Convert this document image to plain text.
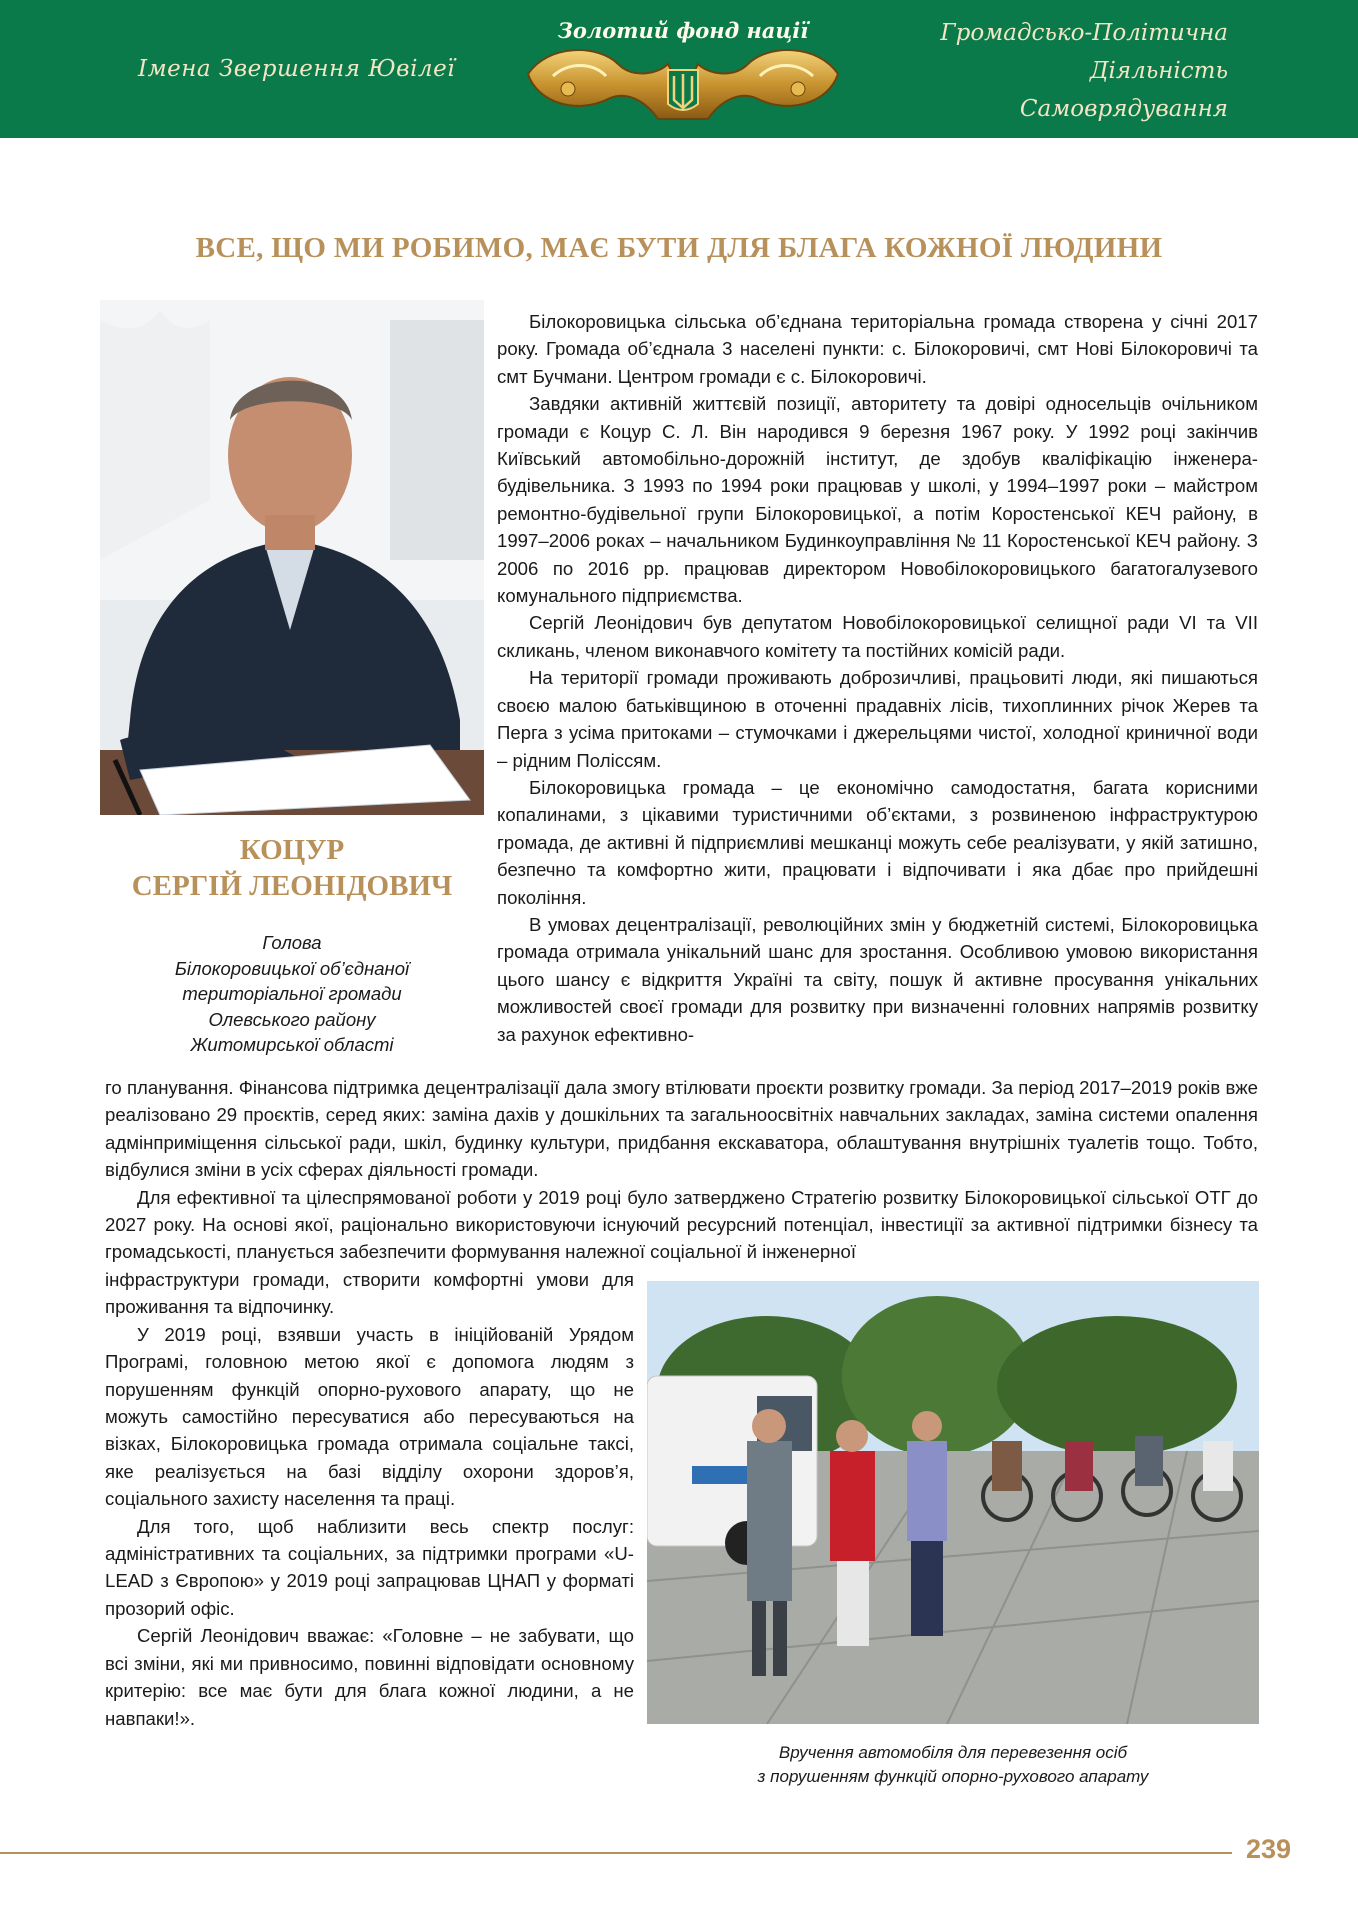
Імена Звершення Ювілеї
Золотий фонд нації	Громадсько-Політична
Діяльність
Самоврядування
ВСЕ, ЩО МИ РОБИМО, МАЄ БУТИ ДЛЯ БЛАГА КОЖНОЇ ЛЮДИНИ
КОЦУР
СЕРГІЙ ЛЕОНІДОВИЧ
Голова
Білокоровицької об’єднаної
територіальної громади
Олевського району
Житомирської області

Білокоровицька сільська об’єднана територіальна громада створена у січні 2017 року. Громада об’єднала 3 населені пункти: с. Білокоровичі, смт Нові Білокоровичі та смт Бучмани. Центром громади є с. Білокоровичі.

Завдяки активній життєвій позиції, авторитету та довірі односельців очільником громади є Коцур С. Л. Він народився 9 березня 1967 року. У 1992 році закінчив Київський автомобільно-дорожній інститут, де здобув кваліфікацію інженера-будівельника. З 1993 по 1994 роки працював у школі, у 1994–1997 роки – майстром ремонтно-будівельної групи Білокоровицької, а потім Коростенської КЕЧ району, в 1997–2006 роках – начальником Будинкоуправління № 11 Коростенської КЕЧ району. З 2006 по 2016 рр. працював директором Новобілокоровицького багатогалузевого комунального підприємства.

Сергій Леонідович був депутатом Новобілокоровицької селищної ради VI та VII скликань, членом виконавчого комітету та постійних комісій ради.

На території громади проживають доброзичливі, працьовиті люди, які пишаються своєю малою батьківщиною в оточенні прадавніх лісів, тихоплинних річок Жерев та Перга з усіма притоками – стумочками і джерельцями чистої, холодної криничної води – рідним Поліссям.

Білокоровицька громада – це економічно самодостатня, багата корисними копалинами, з цікавими туристичними об’єктами, з розвиненою інфраструктурою громада, де активні й підприємливі мешканці можуть себе реалізувати, у якій затишно, безпечно та комфортно жити, працювати і відпочивати і яка дбає про прийдешні покоління.

В умовах децентралізації, революційних змін у бюджетній системі, Білокоровицька громада отримала унікальний шанс для зростання. Особливою умовою використання цього шансу є відкриття Україні та світу, пошук й активне просування унікальних можливостей своєї громади для розвитку при визначенні головних напрямів розвитку за рахунок ефективно-

го планування. Фінансова підтримка децентралізації дала змогу втілювати проєкти розвитку громади. За період 2017–2019 років вже реалізовано 29 проєктів, серед яких: заміна дахів у дошкільних та загальноосвітніх навчальних закладах, заміна системи опалення адмінприміщення сільської ради, шкіл, будинку культури, придбання екскаватора, облаштування внутрішніх туалетів тощо. Тобто, відбулися зміни в усіх сферах діяльності громади.

Для ефективної та цілеспрямованої роботи у 2019 році було затверджено Стратегію розвитку Білокоровицької сільської ОТГ до 2027 року. На основі якої, раціонально використовуючи існуючий ресурсний потенціал, інвестиції за активної підтримки бізнесу та громадськості, планується забезпечити формування належної соціальної й інженерної

інфраструктури громади, створити комфортні умови для проживання та відпочинку.

У 2019 році, взявши участь в ініційованій Урядом Програмі, головною метою якої є допомога людям з порушенням функцій опорно-рухового апарату, що не можуть самостійно пересуватися або пересуваються на візках, Білокоровицька громада отримала соціальне таксі, яке реалізується на базі відділу охорони здоров’я, соціального захисту населення та праці.

Для того, щоб наблизити весь спектр послуг: адміністративних та соціальних, за підтримки програми «U-LEAD з Європою» у 2019 році запрацював ЦНАП у форматі прозорий офіс.

Сергій Леонідович вважає: «Головне – не забувати, що всі зміни, які ми привносимо, повинні відповідати основному критерію: все має бути для блага кожної людини, а не навпаки!».

Вручення автомобіля для перевезення осіб
з порушенням функцій опорно-рухового апарату
239
